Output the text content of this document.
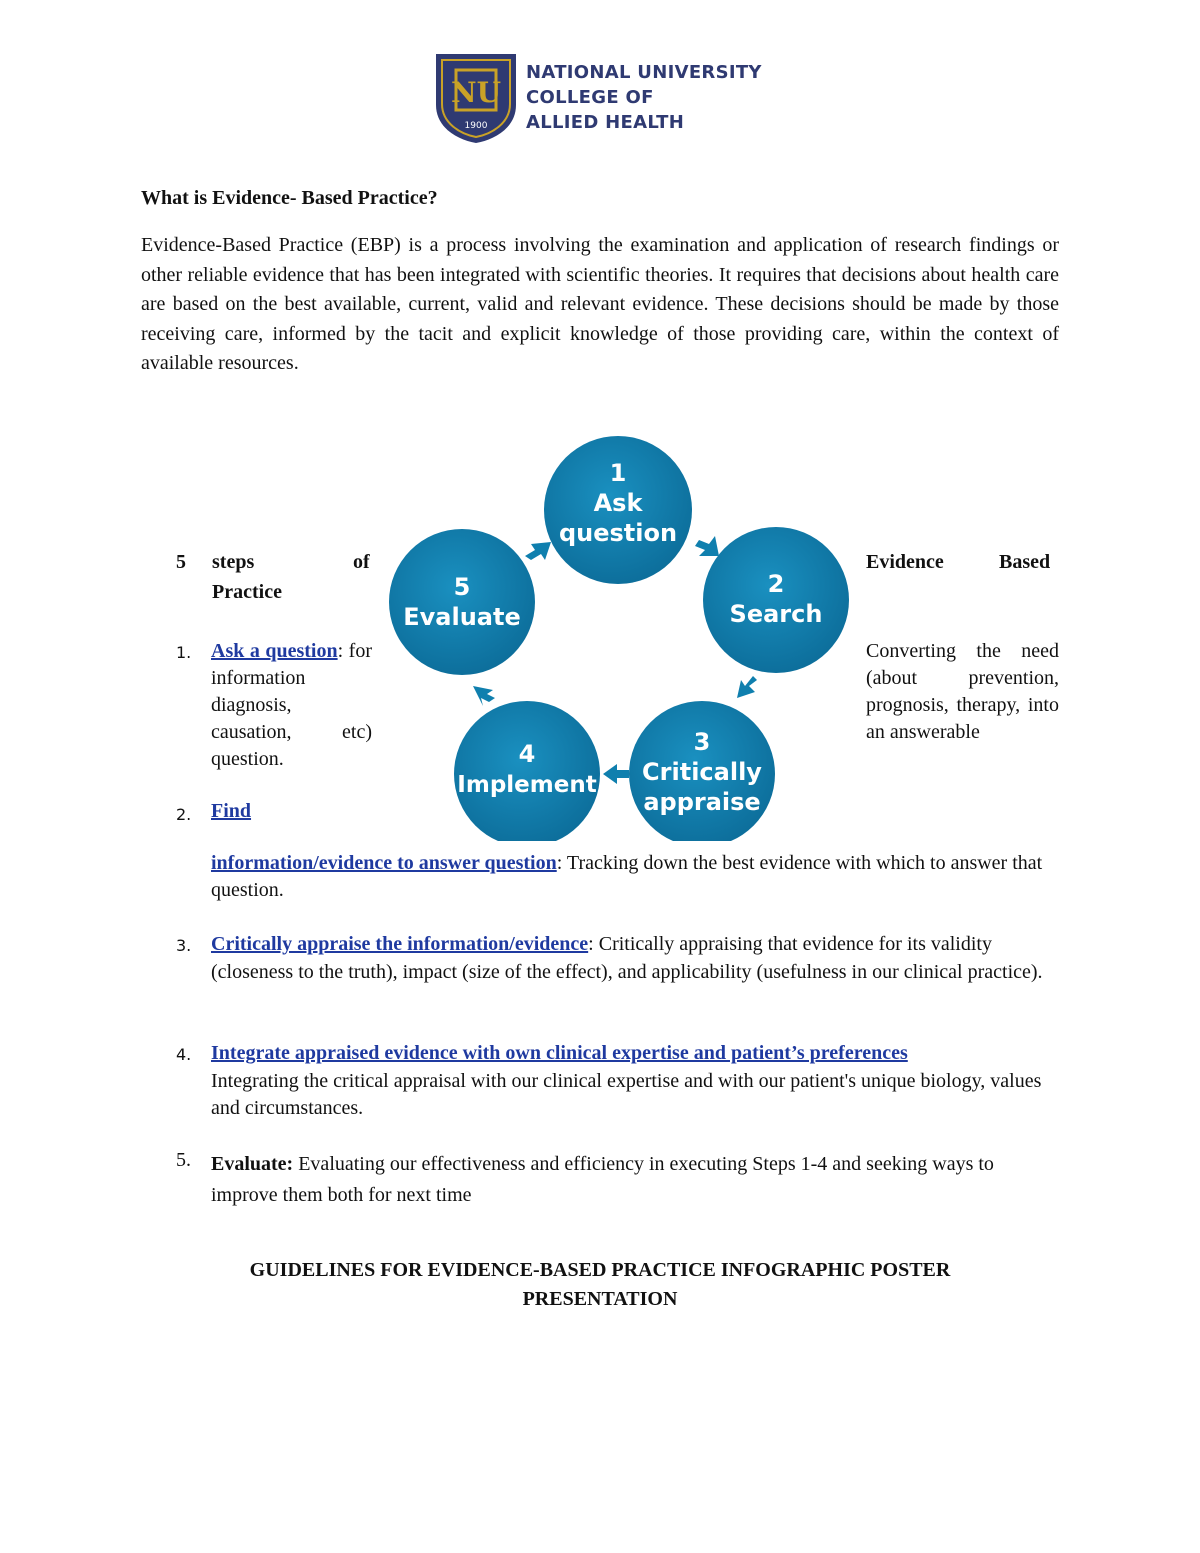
NU
1900
NATIONAL UNIVERSITY
COLLEGE OF
ALLIED HEALTH
What is Evidence- Based Practice?
Evidence-Based Practice (EBP) is a process involving the examination and application of research findings or other reliable evidence that has been integrated with scientific theories. It requires that decisions about health care are based on the best available, current, valid and relevant evidence. These decisions should be made by those receiving care, informed by the tacit and explicit knowledge of those providing care, within the context of available resources.
1
Ask
question
2
Search
3
Critically
appraise
4
Implement
5
Evaluate
5 steps	of	Evidence	Based
Practice
1. Ask a question: for information diagnosis, causation, etc) question.
Converting the need (about prevention, prognosis, therapy, into an answerable
2. Find
information/evidence to answer question: Tracking down the best evidence with which to answer that question.
3. Critically appraise the information/evidence: Critically appraising that evidence for its validity (closeness to the truth), impact (size of the effect), and applicability (usefulness in our clinical practice).
4. Integrate appraised evidence with own clinical expertise and patient’s preferences
Integrating the critical appraisal with our clinical expertise and with our patient's unique biology, values and circumstances.
5. Evaluate: Evaluating our effectiveness and efficiency in executing Steps 1-4 and seeking ways to improve them both for next time
GUIDELINES FOR EVIDENCE-BASED PRACTICE INFOGRAPHIC POSTER
PRESENTATION
